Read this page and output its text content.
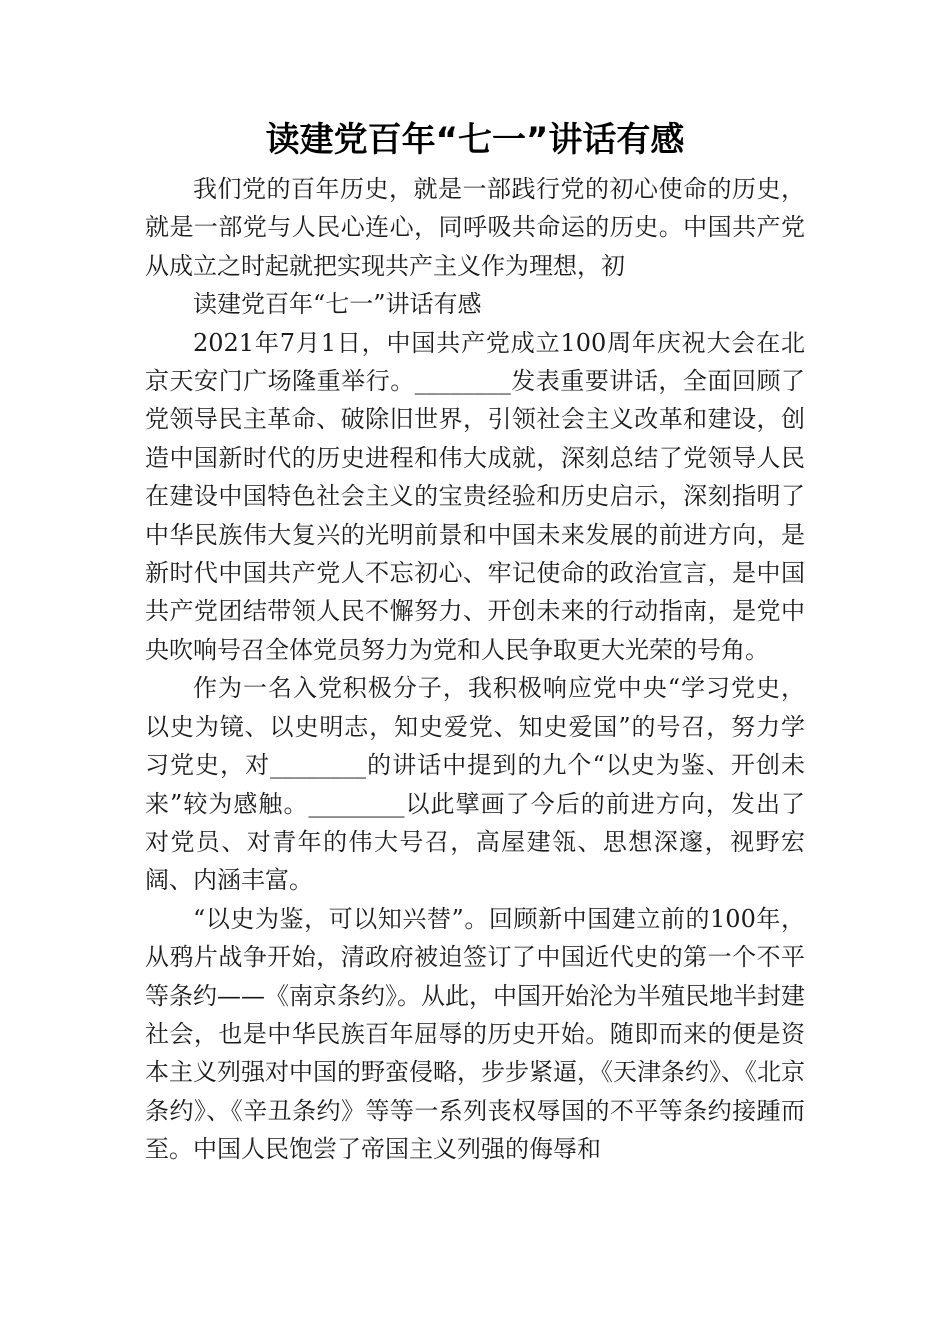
读建党百年“七一”讲话有感

我们党的百年历史，就是一部践行党的初心使命的历史，就是一部党与人民心连心，同呼吸共命运的历史。中国共产党从成立之时起就把实现共产主义作为理想，初

读建党百年“七一”讲话有感

2021年7月1日，中国共产党成立100周年庆祝大会在北京天安门广场隆重举行。________发表重要讲话，全面回顾了党领导民主革命、破除旧世界，引领社会主义改革和建设，创造中国新时代的历史进程和伟大成就，深刻总结了党领导人民在建设中国特色社会主义的宝贵经验和历史启示，深刻指明了中华民族伟大复兴的光明前景和中国未来发展的前进方向，是新时代中国共产党人不忘初心、牢记使命的政治宣言，是中国共产党团结带领人民不懈努力、开创未来的行动指南，是党中央吹响号召全体党员努力为党和人民争取更大光荣的号角。

作为一名入党积极分子，我积极响应党中央“学习党史，以史为镜、以史明志，知史爱党、知史爱国”的号召，努力学习党史，对________的讲话中提到的九个“以史为鉴、开创未来”较为感触。________以此擘画了今后的前进方向，发出了对党员、对青年的伟大号召，高屋建瓴、思想深邃，视野宏阔、内涵丰富。

“以史为鉴，可以知兴替”。回顾新中国建立前的100年，从鸦片战争开始，清政府被迫签订了中国近代史的第一个不平等条约——《南京条约》。从此，中国开始沦为半殖民地半封建社会，也是中华民族百年屈辱的历史开始。随即而来的便是资本主义列强对中国的野蛮侵略，步步紧逼，《天津条约》、《北京条约》、《辛丑条约》等等一系列丧权辱国的不平等条约接踵而至。中国人民饱尝了帝国主义列强的侮辱和
